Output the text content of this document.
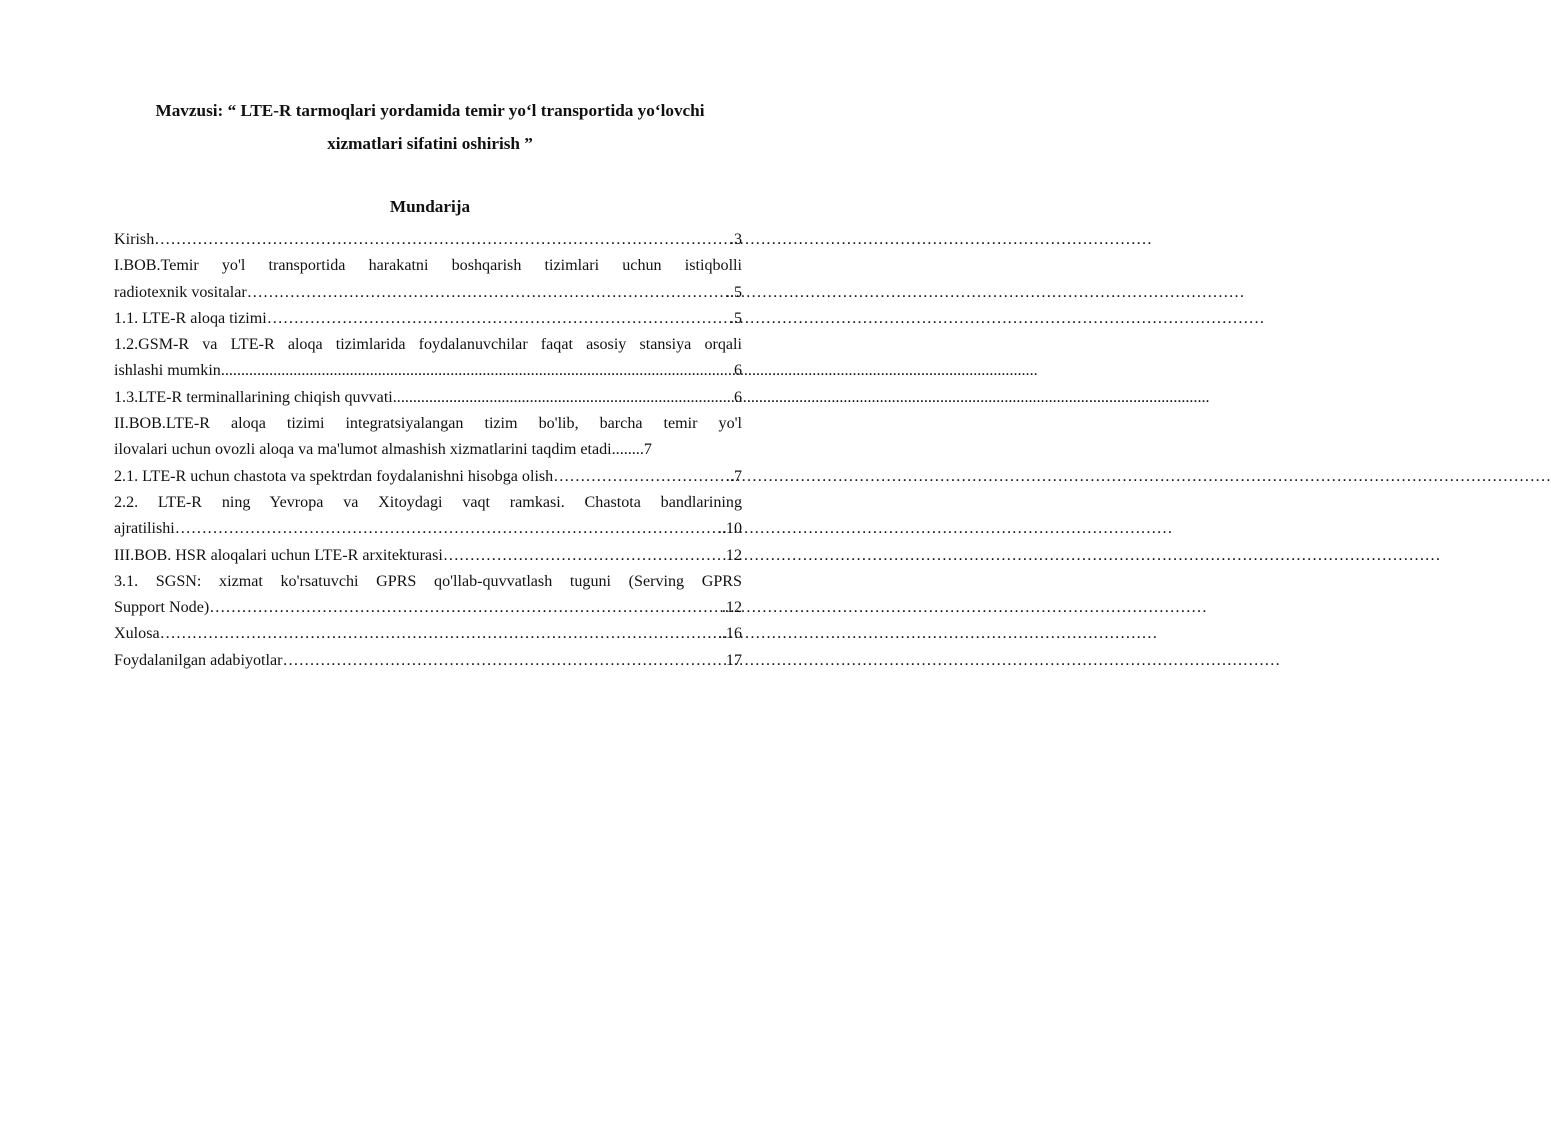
Mavzusi: “ LTE-R tarmoqlari yordamida temir yo‘l transportida yo‘lovchi
xizmatlari sifatini oshirish ”
Mundarija
Kirish ……………………………………………………………………………………………………………………………………………………………………	.3
I.BOB.Temir yo'l transportida harakatni boshqarish tizimlari uchun istiqbolli
radiotexnik vositalar ……………………………………………………………………………………………………………………………………………………………………	..5
1.1. LTE-R aloqa tizimi ……………………………………………………………………………………………………………………………………………………………………	.5
1.2.GSM-R va LTE-R aloqa tizimlarida foydalanuvchilar faqat asosiy stansiya orqali
ishlashi mumkin .....	6
1.3.LTE-R terminallarining chiqish quvvati .....	6
II.BOB.LTE-R aloqa tizimi integratsiyalangan tizim bo'lib, barcha temir yo'l
ilovalari uchun ovozli aloqa va ma'lumot almashish xizmatlarini taqdim etadi ........7
2.1. LTE-R uchun chastota va spektrdan foydalanishni hisobga olish ……………………………………………………………………………………………………………………………………………………………………	..7
2.2. LTE-R ning Yevropa va Xitoydagi vaqt ramkasi. Chastota bandlarining
ajratilishi ……………………………………………………………………………………………………………………………………………………………………	..10
III.BOB. HSR aloqalari uchun LTE-R arxitekturasi ……………………………………………………………………………………………………………………………………………………………………	12
3.1. SGSN: xizmat ko'rsatuvchi GPRS qo'llab-quvvatlash tuguni (Serving GPRS
Support Node) ……………………………………………………………………………………………………………………………………………………………………	.12
Xulosa ……………………………………………………………………………………………………………………………………………………………………	..16
Foydalanilgan adabiyotlar ……………………………………………………………………………………………………………………………………………………………………	17
